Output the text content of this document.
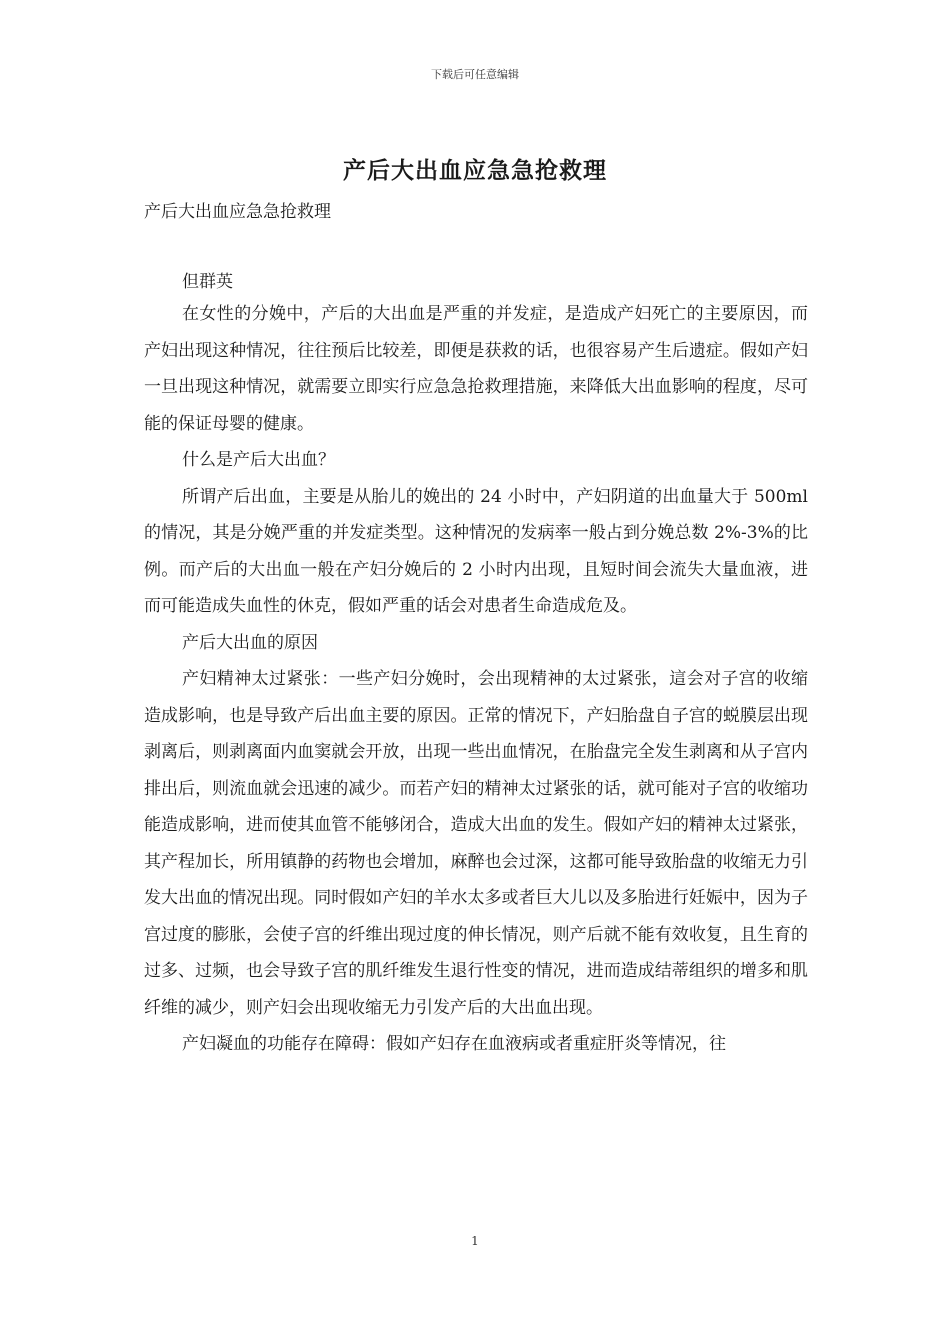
下载后可任意编辑
产后大出血应急急抢救理

产后大出血应急急抢救理

但群英

在女性的分娩中，产后的大出血是严重的并发症，是造成产妇死亡的主要原因，而产妇出现这种情况，往往预后比较差，即便是获救的话，也很容易产生后遗症。假如产妇一旦出现这种情况，就需要立即实行应急急抢救理措施，来降低大出血影响的程度，尽可能的保证母婴的健康。

什么是产后大出血？

所谓产后出血，主要是从胎儿的娩出的 24 小时中，产妇阴道的出血量大于 500ml 的情况，其是分娩严重的并发症类型。这种情况的发病率一般占到分娩总数 2%-3%的比例。而产后的大出血一般在产妇分娩后的 2 小时内出现，且短时间会流失大量血液，进而可能造成失血性的休克，假如严重的话会对患者生命造成危及。

产后大出血的原因

产妇精神太过紧张：一些产妇分娩时，会出现精神的太过紧张，這会对子宫的收缩造成影响，也是导致产后出血主要的原因。正常的情况下，产妇胎盘自子宫的蜕膜层出现剥离后，则剥离面内血窦就会开放，出现一些出血情况，在胎盘完全发生剥离和从子宫内排出后，则流血就会迅速的减少。而若产妇的精神太过紧张的话，就可能对子宫的收缩功能造成影响，进而使其血管不能够闭合，造成大出血的发生。假如产妇的精神太过紧张，其产程加长，所用镇静的药物也会增加，麻醉也会过深，这都可能导致胎盘的收缩无力引发大出血的情况出现。同时假如产妇的羊水太多或者巨大儿以及多胎进行妊娠中，因为子宫过度的膨胀，会使子宫的纤维出现过度的伸长情况，则产后就不能有效收复，且生育的过多、过频，也会导致子宫的肌纤维发生退行性变的情况，进而造成结蒂组织的增多和肌纤维的减少，则产妇会出现收缩无力引发产后的大出血出现。

产妇凝血的功能存在障碍：假如产妇存在血液病或者重症肝炎等情况，往

1
